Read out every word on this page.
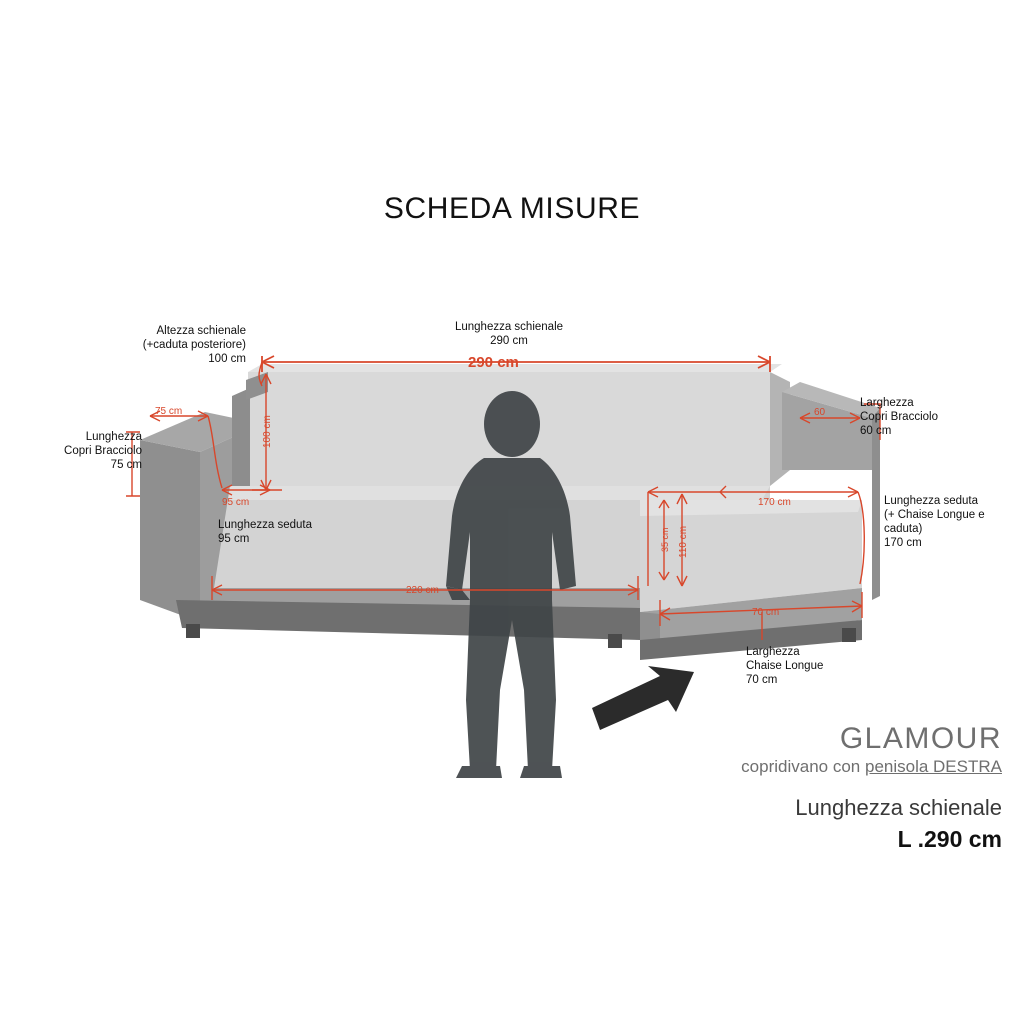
SCHEDA MISURE
Altezza schienale
(+caduta posteriore)
100 cm
Lunghezza schienale
290 cm
Lunghezza
Copri Bracciolo
75 cm
Larghezza
Copri Bracciolo
60 cm
Lunghezza seduta
95 cm
Lunghezza seduta
(+ Chaise Longue e
caduta)
170 cm
Larghezza
Chaise Longue
70 cm
290 cm
75 cm
100 cm
95 cm
60
170 cm
110 cm
35 cm
220 cm
70 cm
GLAMOUR
copridivano con penisola DESTRA
Lunghezza schienale
L .290 cm
